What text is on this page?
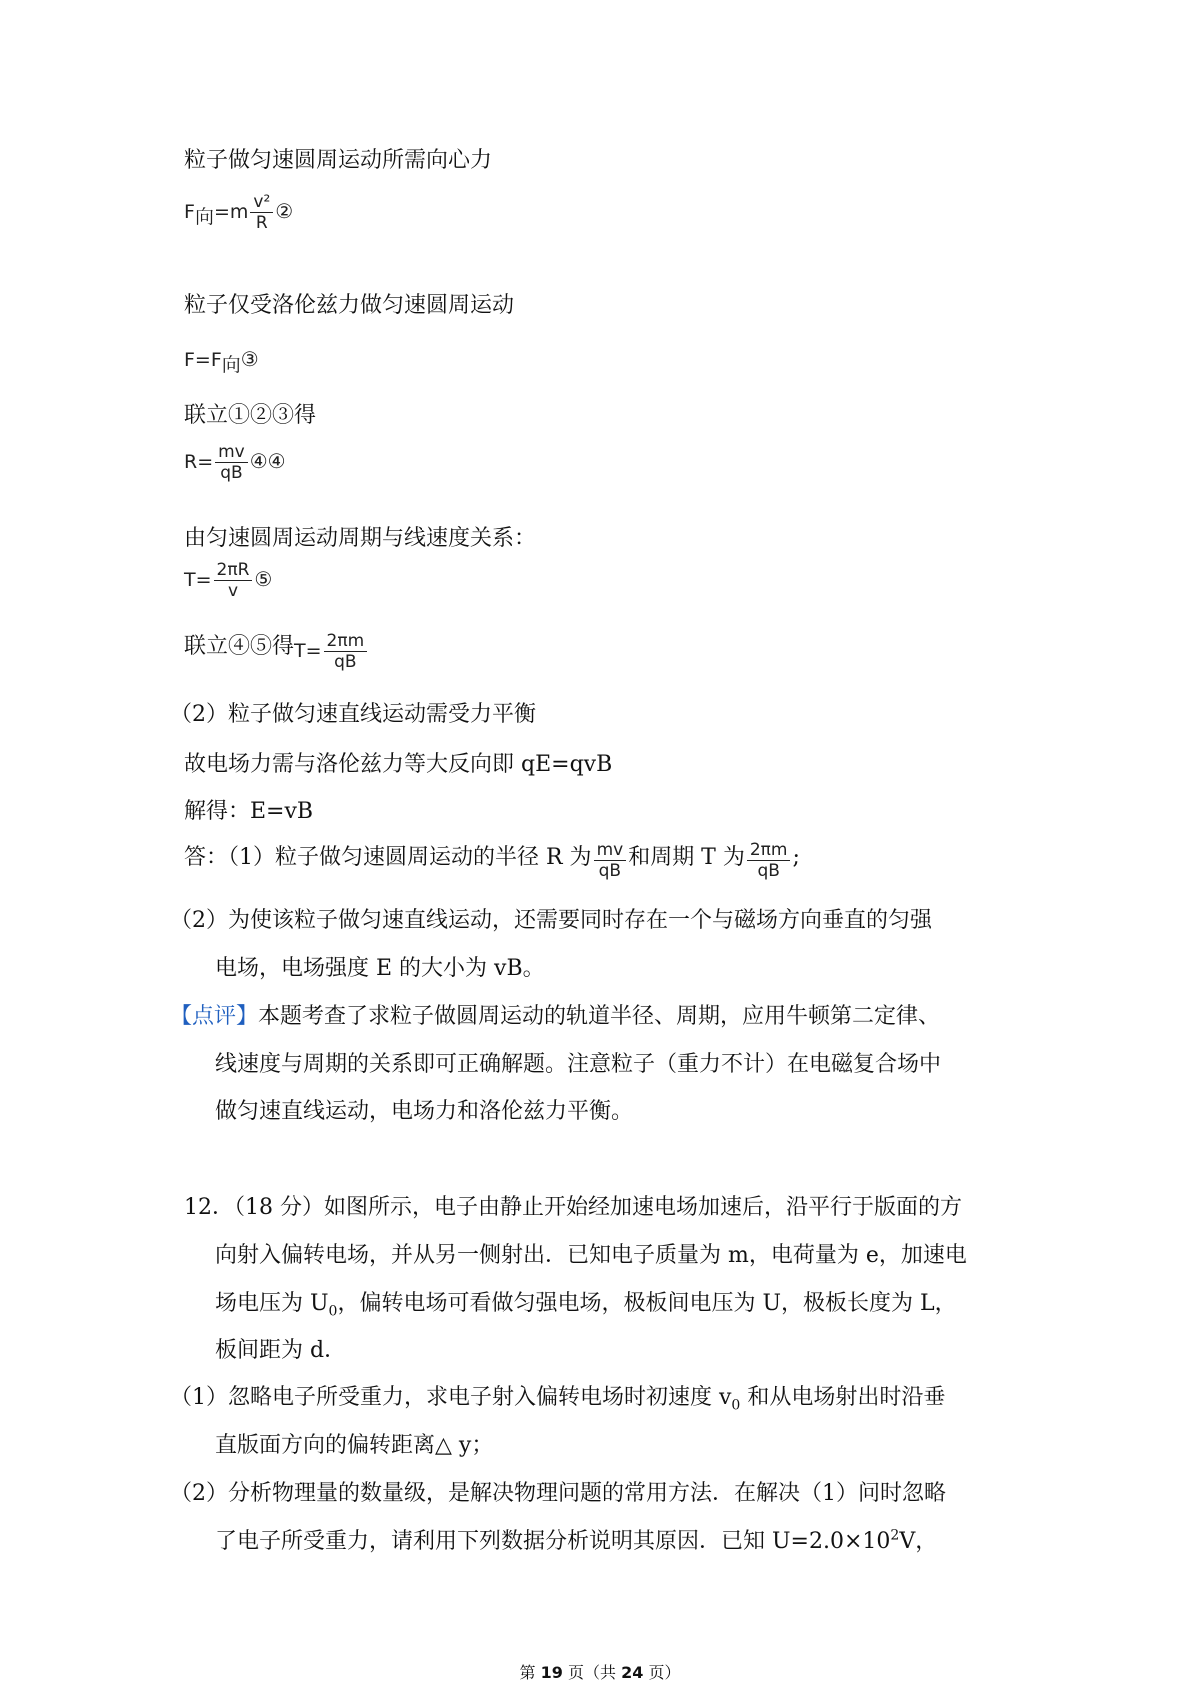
粒子做匀速圆周运动所需向心力
F向$=m \frac{\text{v²}}{R}$ ②
粒子仅受洛伦兹力做匀速圆周运动
F=F向③
联立①②③得
$R= \frac{mv}{qB}$ ④④
由匀速圆周运动周期与线速度关系：
$T= \frac{2\pi R}{v}$ ⑤
联立④⑤得$T= \frac{2\pi m}{qB}$
（2）粒子做匀速直线运动需受力平衡
故电场力需与洛伦兹力等大反向即 qE=qvB
解得：E=vB
答：（1）粒子做匀速圆周运动的半径 R 为 $\frac{mv}{qB}$ 和周期 T 为 $\frac{2\pi m}{qB}$ ;
（2）为使该粒子做匀速直线运动，还需要同时存在一个与磁场方向垂直的匀强
电场，电场强度 E 的大小为 vB。
【点评】本题考查了求粒子做圆周运动的轨道半径、周期，应用牛顿第二定律、
线速度与周期的关系即可正确解题。注意粒子（重力不计）在电磁复合场中
做匀速直线运动，电场力和洛伦兹力平衡。
12．（18 分）如图所示，电子由静止开始经加速电场加速后，沿平行于版面的方
向射入偏转电场，并从另一侧射出．已知电子质量为 m，电荷量为 e，加速电
场电压为 $U_0$，偏转电场可看做匀强电场，极板间电压为 U，极板长度为 L，
板间距为 d．
（1）忽略电子所受重力，求电子射入偏转电场时初速度 $v_0$ 和从电场射出时沿垂
直版面方向的偏转距离△ y；
（2）分析物理量的数量级，是解决物理问题的常用方法．在解决（1）问时忽略
了电子所受重力，请利用下列数据分析说明其原因．已知 $U=2.0\times 10^2V$，
第 19 页（共 24 页）
